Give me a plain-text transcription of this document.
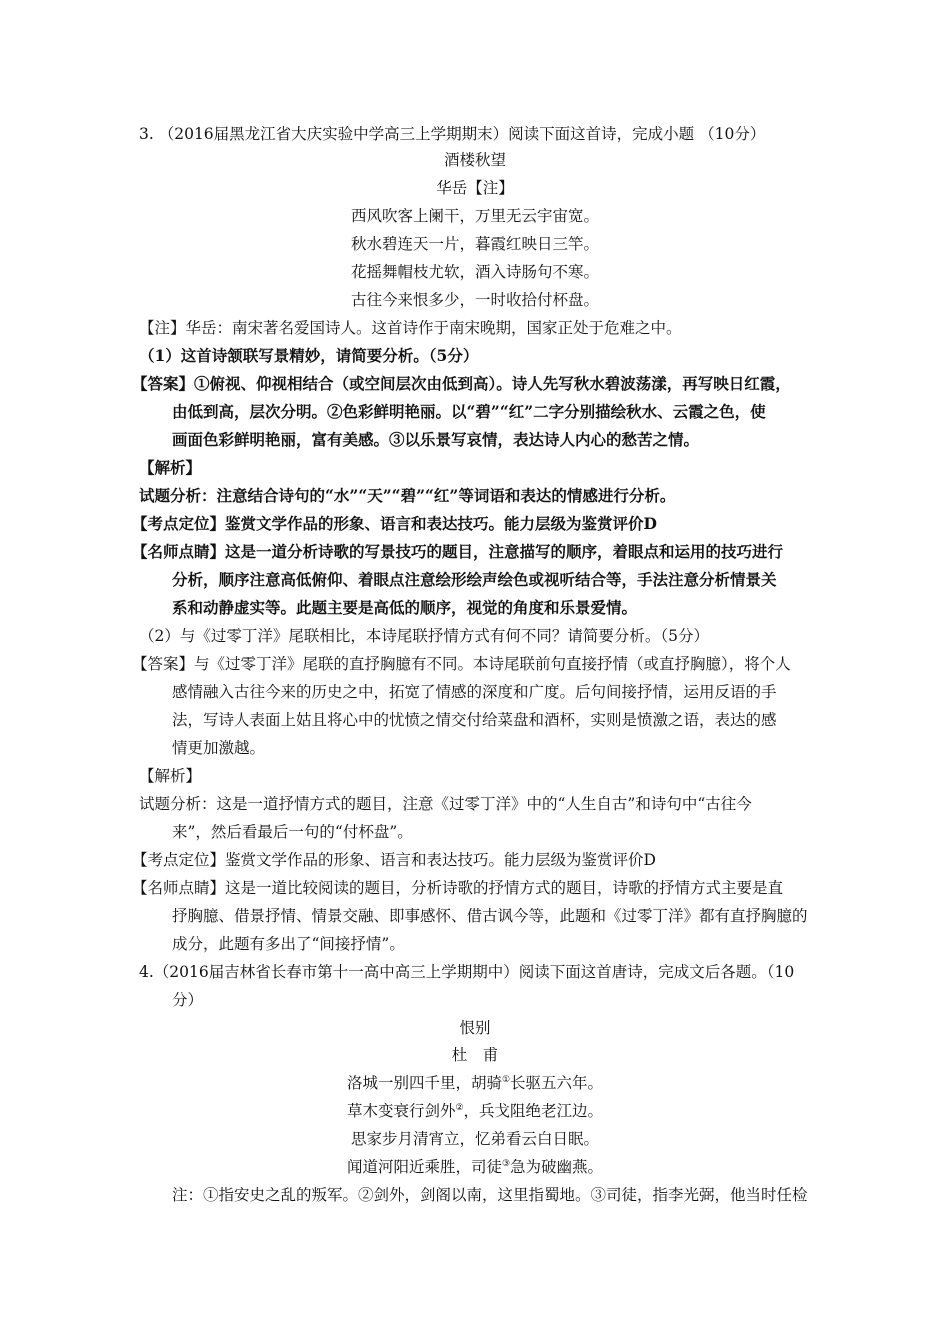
3. （2016届黑龙江省大庆实验中学高三上学期期末）阅读下面这首诗，完成小题 （10分）
酒楼秋望
华岳【注】
西风吹客上阑干，万里无云宇宙宽。
秋水碧连天一片，暮霞红映日三竿。
花摇舞帽枝尤软，酒入诗肠句不寒。
古往今来恨多少，一时收拾付杯盘。
【注】华岳：南宋著名爱国诗人。这首诗作于南宋晚期，国家正处于危难之中。
（1）这首诗颔联写景精妙，请简要分析。（5分）
【答案】①俯视、仰视相结合（或空间层次由低到高）。诗人先写秋水碧波荡漾，再写映日红霞，
由低到高，层次分明。②色彩鲜明艳丽。以“碧”“红”二字分别描绘秋水、云霞之色，使
画面色彩鲜明艳丽，富有美感。③以乐景写哀情，表达诗人内心的愁苦之情。
【解析】
试题分析：注意结合诗句的“水”“天”“碧”“红”等词语和表达的情感进行分析。
【考点定位】鉴赏文学作品的形象、语言和表达技巧。能力层级为鉴赏评价D
【名师点睛】这是一道分析诗歌的写景技巧的题目，注意描写的顺序，着眼点和运用的技巧进行
分析，顺序注意高低俯仰、着眼点注意绘形绘声绘色或视听结合等，手法注意分析情景关
系和动静虚实等。此题主要是高低的顺序，视觉的角度和乐景爱情。
（2）与《过零丁洋》尾联相比，本诗尾联抒情方式有何不同？请简要分析。（5分）
【答案】与《过零丁洋》尾联的直抒胸臆有不同。本诗尾联前句直接抒情（或直抒胸臆），将个人
感情融入古往今来的历史之中，拓宽了情感的深度和广度。后句间接抒情，运用反语的手
法，写诗人表面上姑且将心中的忧愤之情交付给菜盘和酒杯，实则是愤激之语，表达的感
情更加激越。
【解析】
试题分析：这是一道抒情方式的题目，注意《过零丁洋》中的“人生自古”和诗句中“古往今
来”，然后看最后一句的“付杯盘”。
【考点定位】鉴赏文学作品的形象、语言和表达技巧。能力层级为鉴赏评价D
【名师点睛】这是一道比较阅读的题目，分析诗歌的抒情方式的题目，诗歌的抒情方式主要是直
抒胸臆、借景抒情、情景交融、即事感怀、借古讽今等，此题和《过零丁洋》都有直抒胸臆的
成分，此题有多出了“间接抒情”。
4.（2016届吉林省长春市第十一高中高三上学期期中）阅读下面这首唐诗，完成文后各题。（10
分）
恨别
杜　甫
洛城一别四千里，胡骑①长驱五六年。
草木变衰行剑外②，兵戈阻绝老江边。
思家步月清宵立，忆弟看云白日眠。
闻道河阳近乘胜，司徒③急为破幽燕。
注：①指安史之乱的叛军。②剑外，剑阁以南，这里指蜀地。③司徒，指李光弼，他当时任检
